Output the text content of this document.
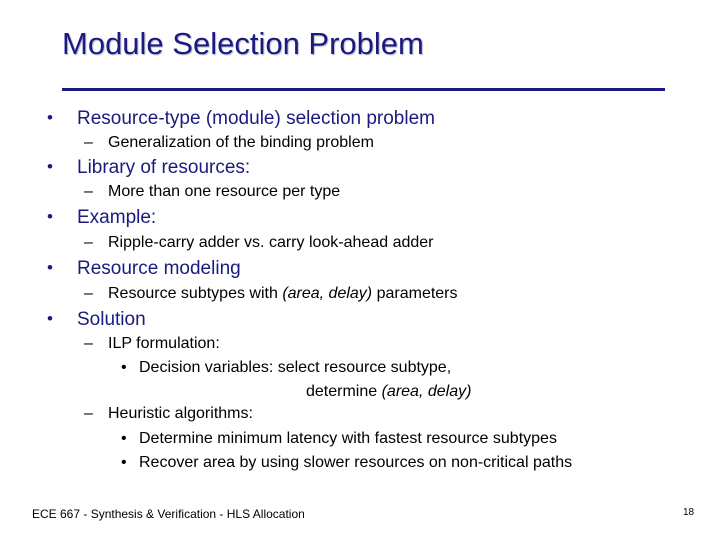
Module Selection Problem
• Resource-type (module) selection problem
– Generalization of the binding problem
• Library of resources:
– More than one resource per type
• Example:
– Ripple-carry adder vs. carry look-ahead adder
• Resource modeling
– Resource subtypes with (area, delay) parameters
• Solution
– ILP formulation:
• Decision variables: select resource subtype,
determine (area, delay)
– Heuristic algorithms:
• Determine minimum latency with fastest resource subtypes
• Recover area by using slower resources on non-critical paths
ECE 667 - Synthesis & Verification - HLS Allocation	18
